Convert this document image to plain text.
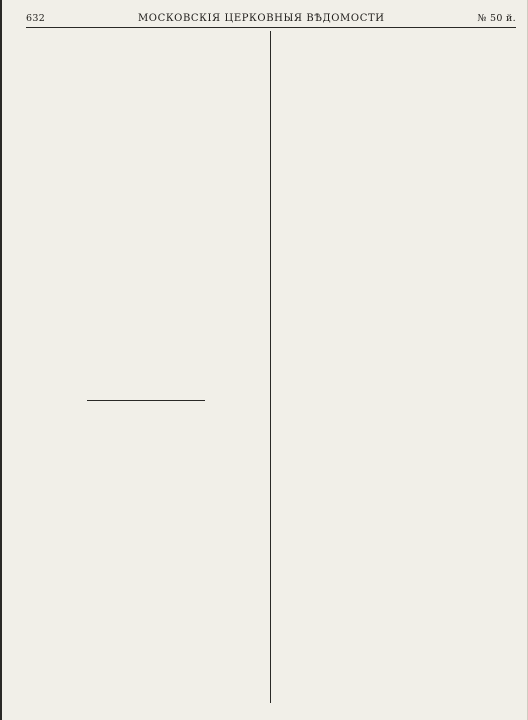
632	МОСКОВСКІЯ ЦЕРКОВНЫЯ ВѢДОМОСТИ	№ 50 й.
